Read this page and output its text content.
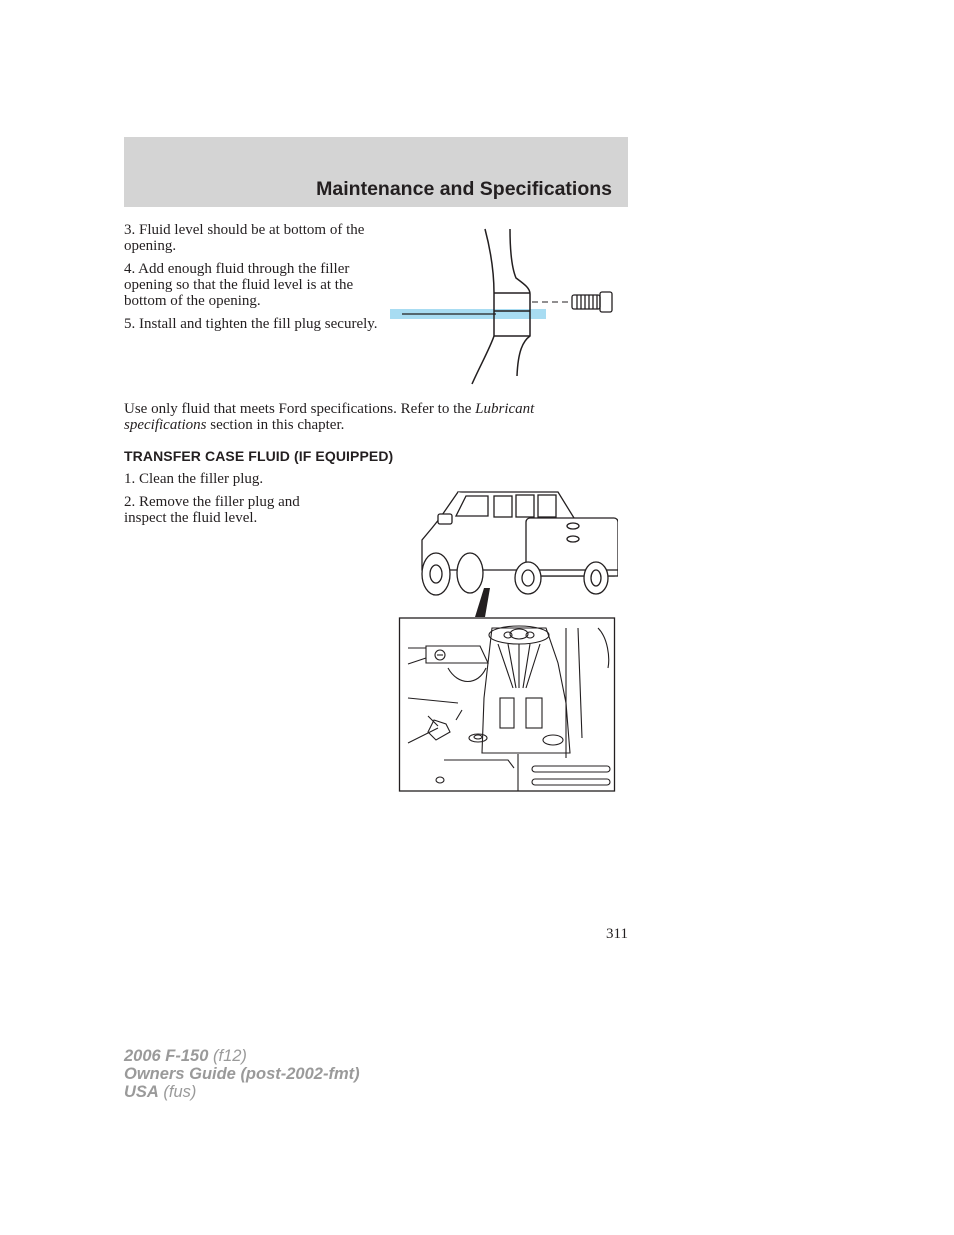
Maintenance and Specifications

3. Fluid level should be at bottom of the opening.

4. Add enough fluid through the filler opening so that the fluid level is at the bottom of the opening.

5. Install and tighten the fill plug securely.

Use only fluid that meets Ford specifications. Refer to the Lubricant specifications section in this chapter.

TRANSFER CASE FLUID (IF EQUIPPED)

1. Clean the filler plug.

2. Remove the filler plug and inspect the fluid level.

311

2006 F-150 (f12)
Owners Guide (post-2002-fmt)
USA (fus)
